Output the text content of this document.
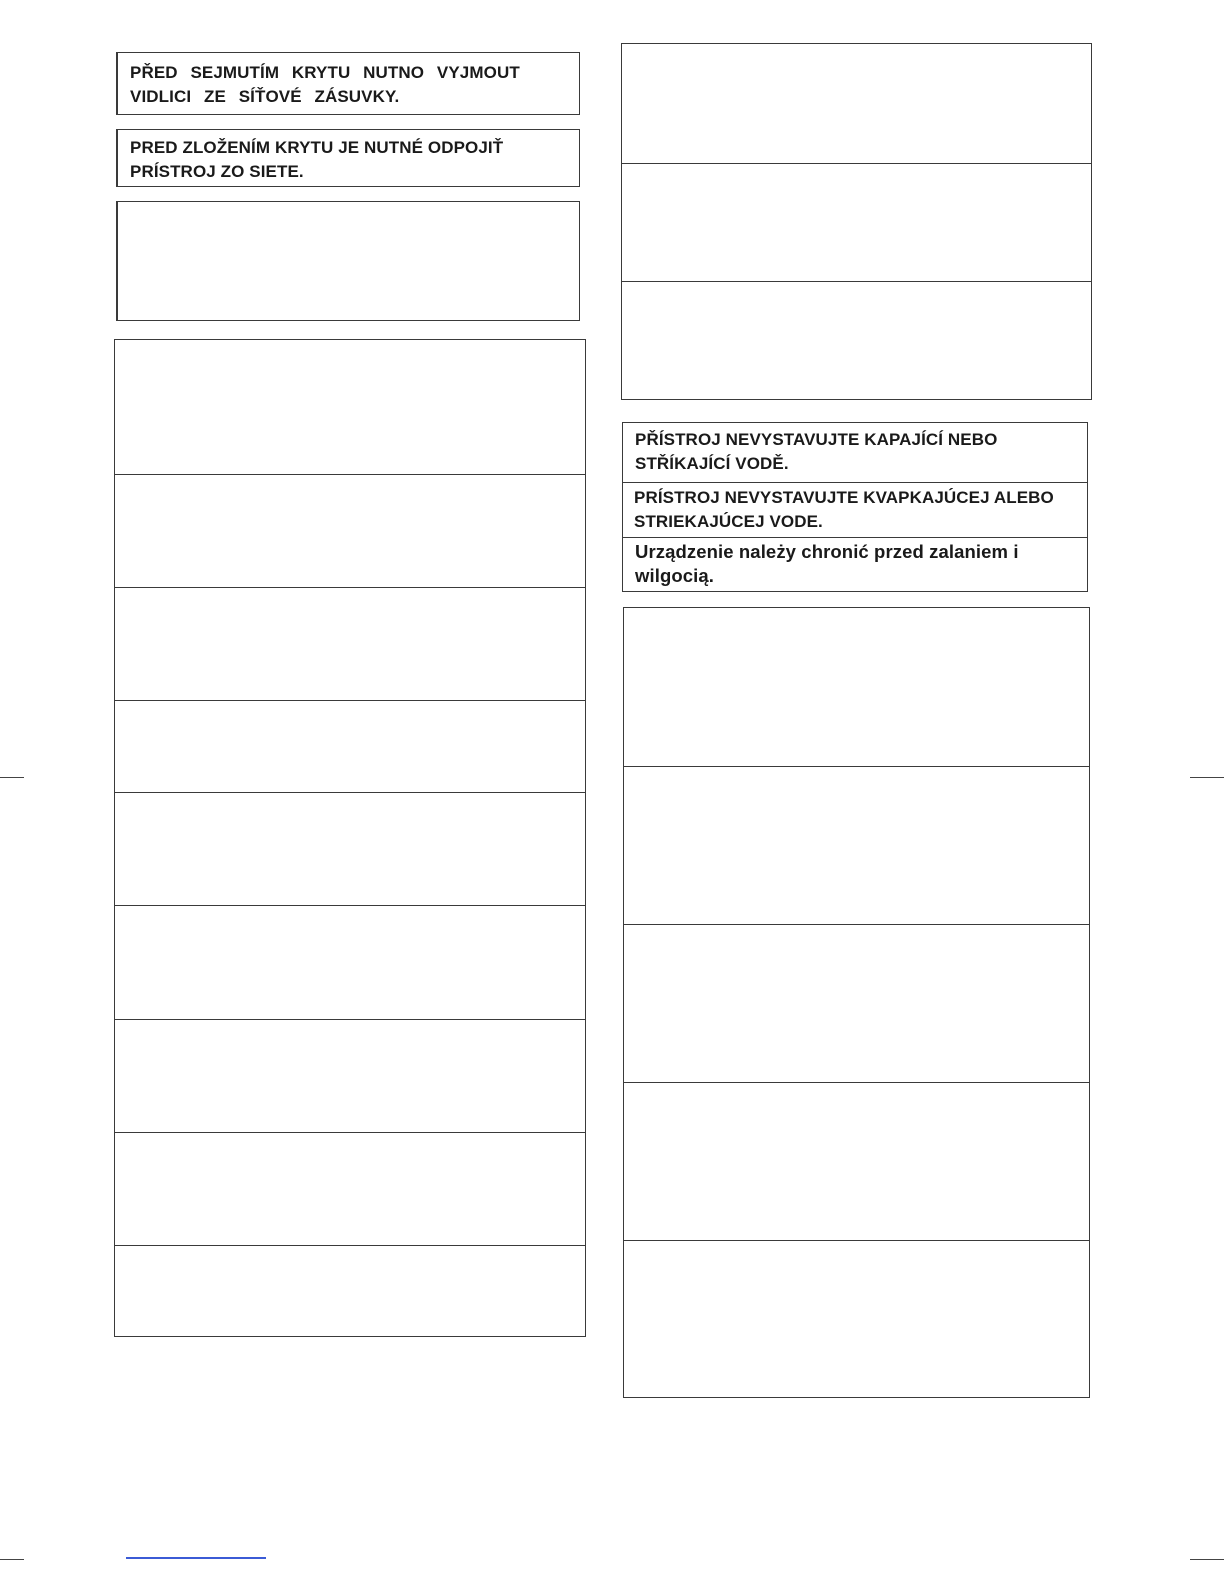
PŘED SEJMUTÍM KRYTU NUTNO VYJMOUT VIDLICI ZE SÍŤOVÉ ZÁSUVKY.
PRED ZLOŽENÍM KRYTU JE NUTNÉ ODPOJIŤ PRÍSTROJ ZO SIETE.
PŘÍSTROJ NEVYSTAVUJTE KAPAJÍCÍ NEBO STŘÍKAJÍCÍ VODĚ.
PRÍSTROJ NEVYSTAVUJTE KVAPKAJÚCEJ ALEBO STRIEKAJÚCEJ VODE.
Urządzenie należy chronić przed zalaniem i wilgocią.
